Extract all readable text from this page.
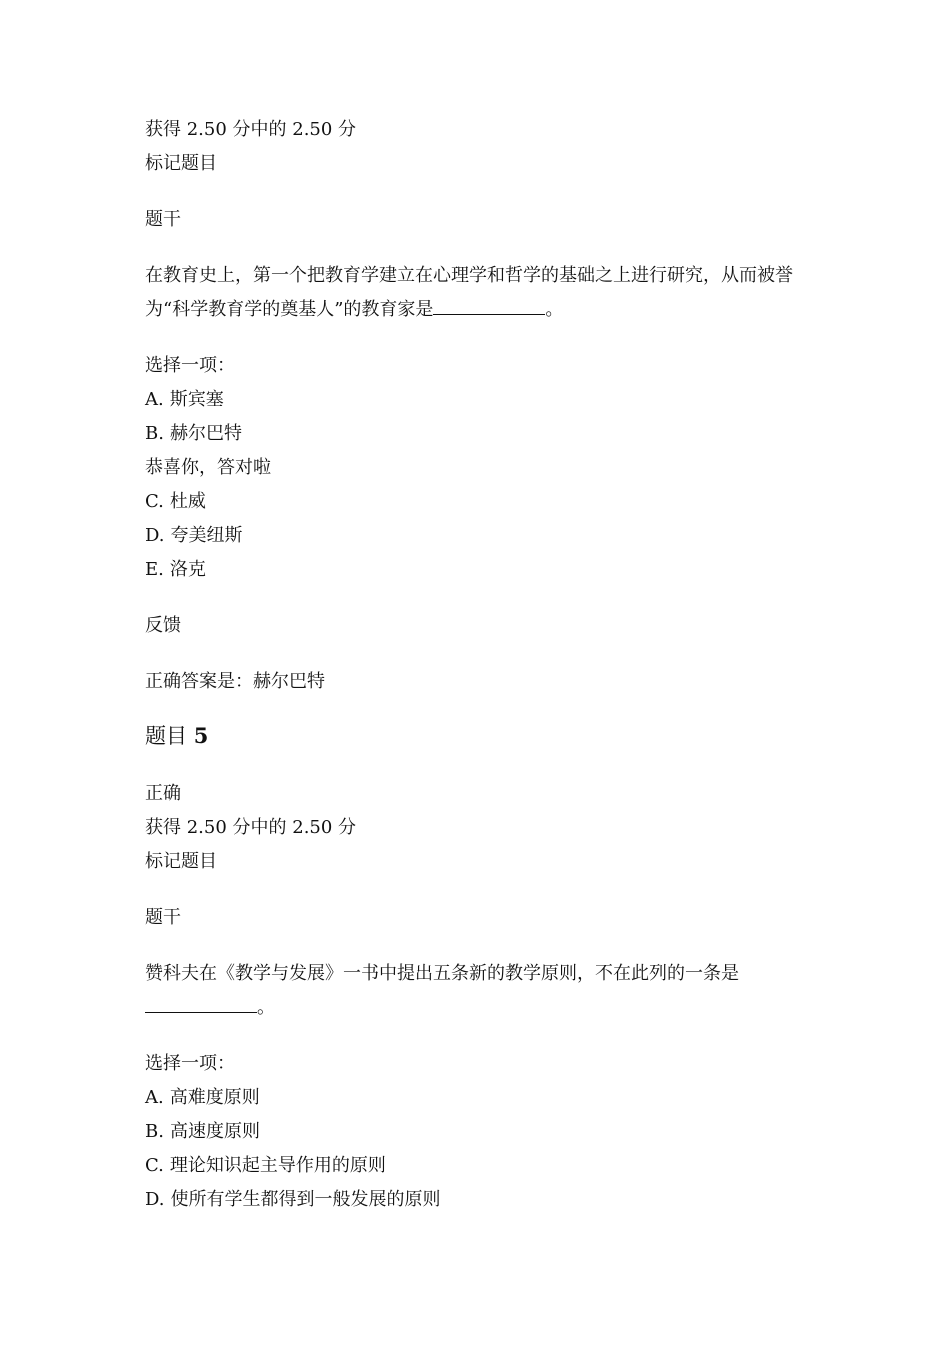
获得 2.50 分中的 2.50 分
标记题目
题干
在教育史上，第一个把教育学建立在心理学和哲学的基础之上进行研究，从而被誉为“科学教育学的奠基人”的教育家是	。
选择一项：
A. 斯宾塞
B. 赫尔巴特
恭喜你，答对啦
C. 杜威
D. 夸美纽斯
E. 洛克
反馈
正确答案是：赫尔巴特
题目 5
正确
获得 2.50 分中的 2.50 分
标记题目
题干
赞科夫在《教学与发展》一书中提出五条新的教学原则，不在此列的一条是。
选择一项：
A. 高难度原则
B. 高速度原则
C. 理论知识起主导作用的原则
D. 使所有学生都得到一般发展的原则
